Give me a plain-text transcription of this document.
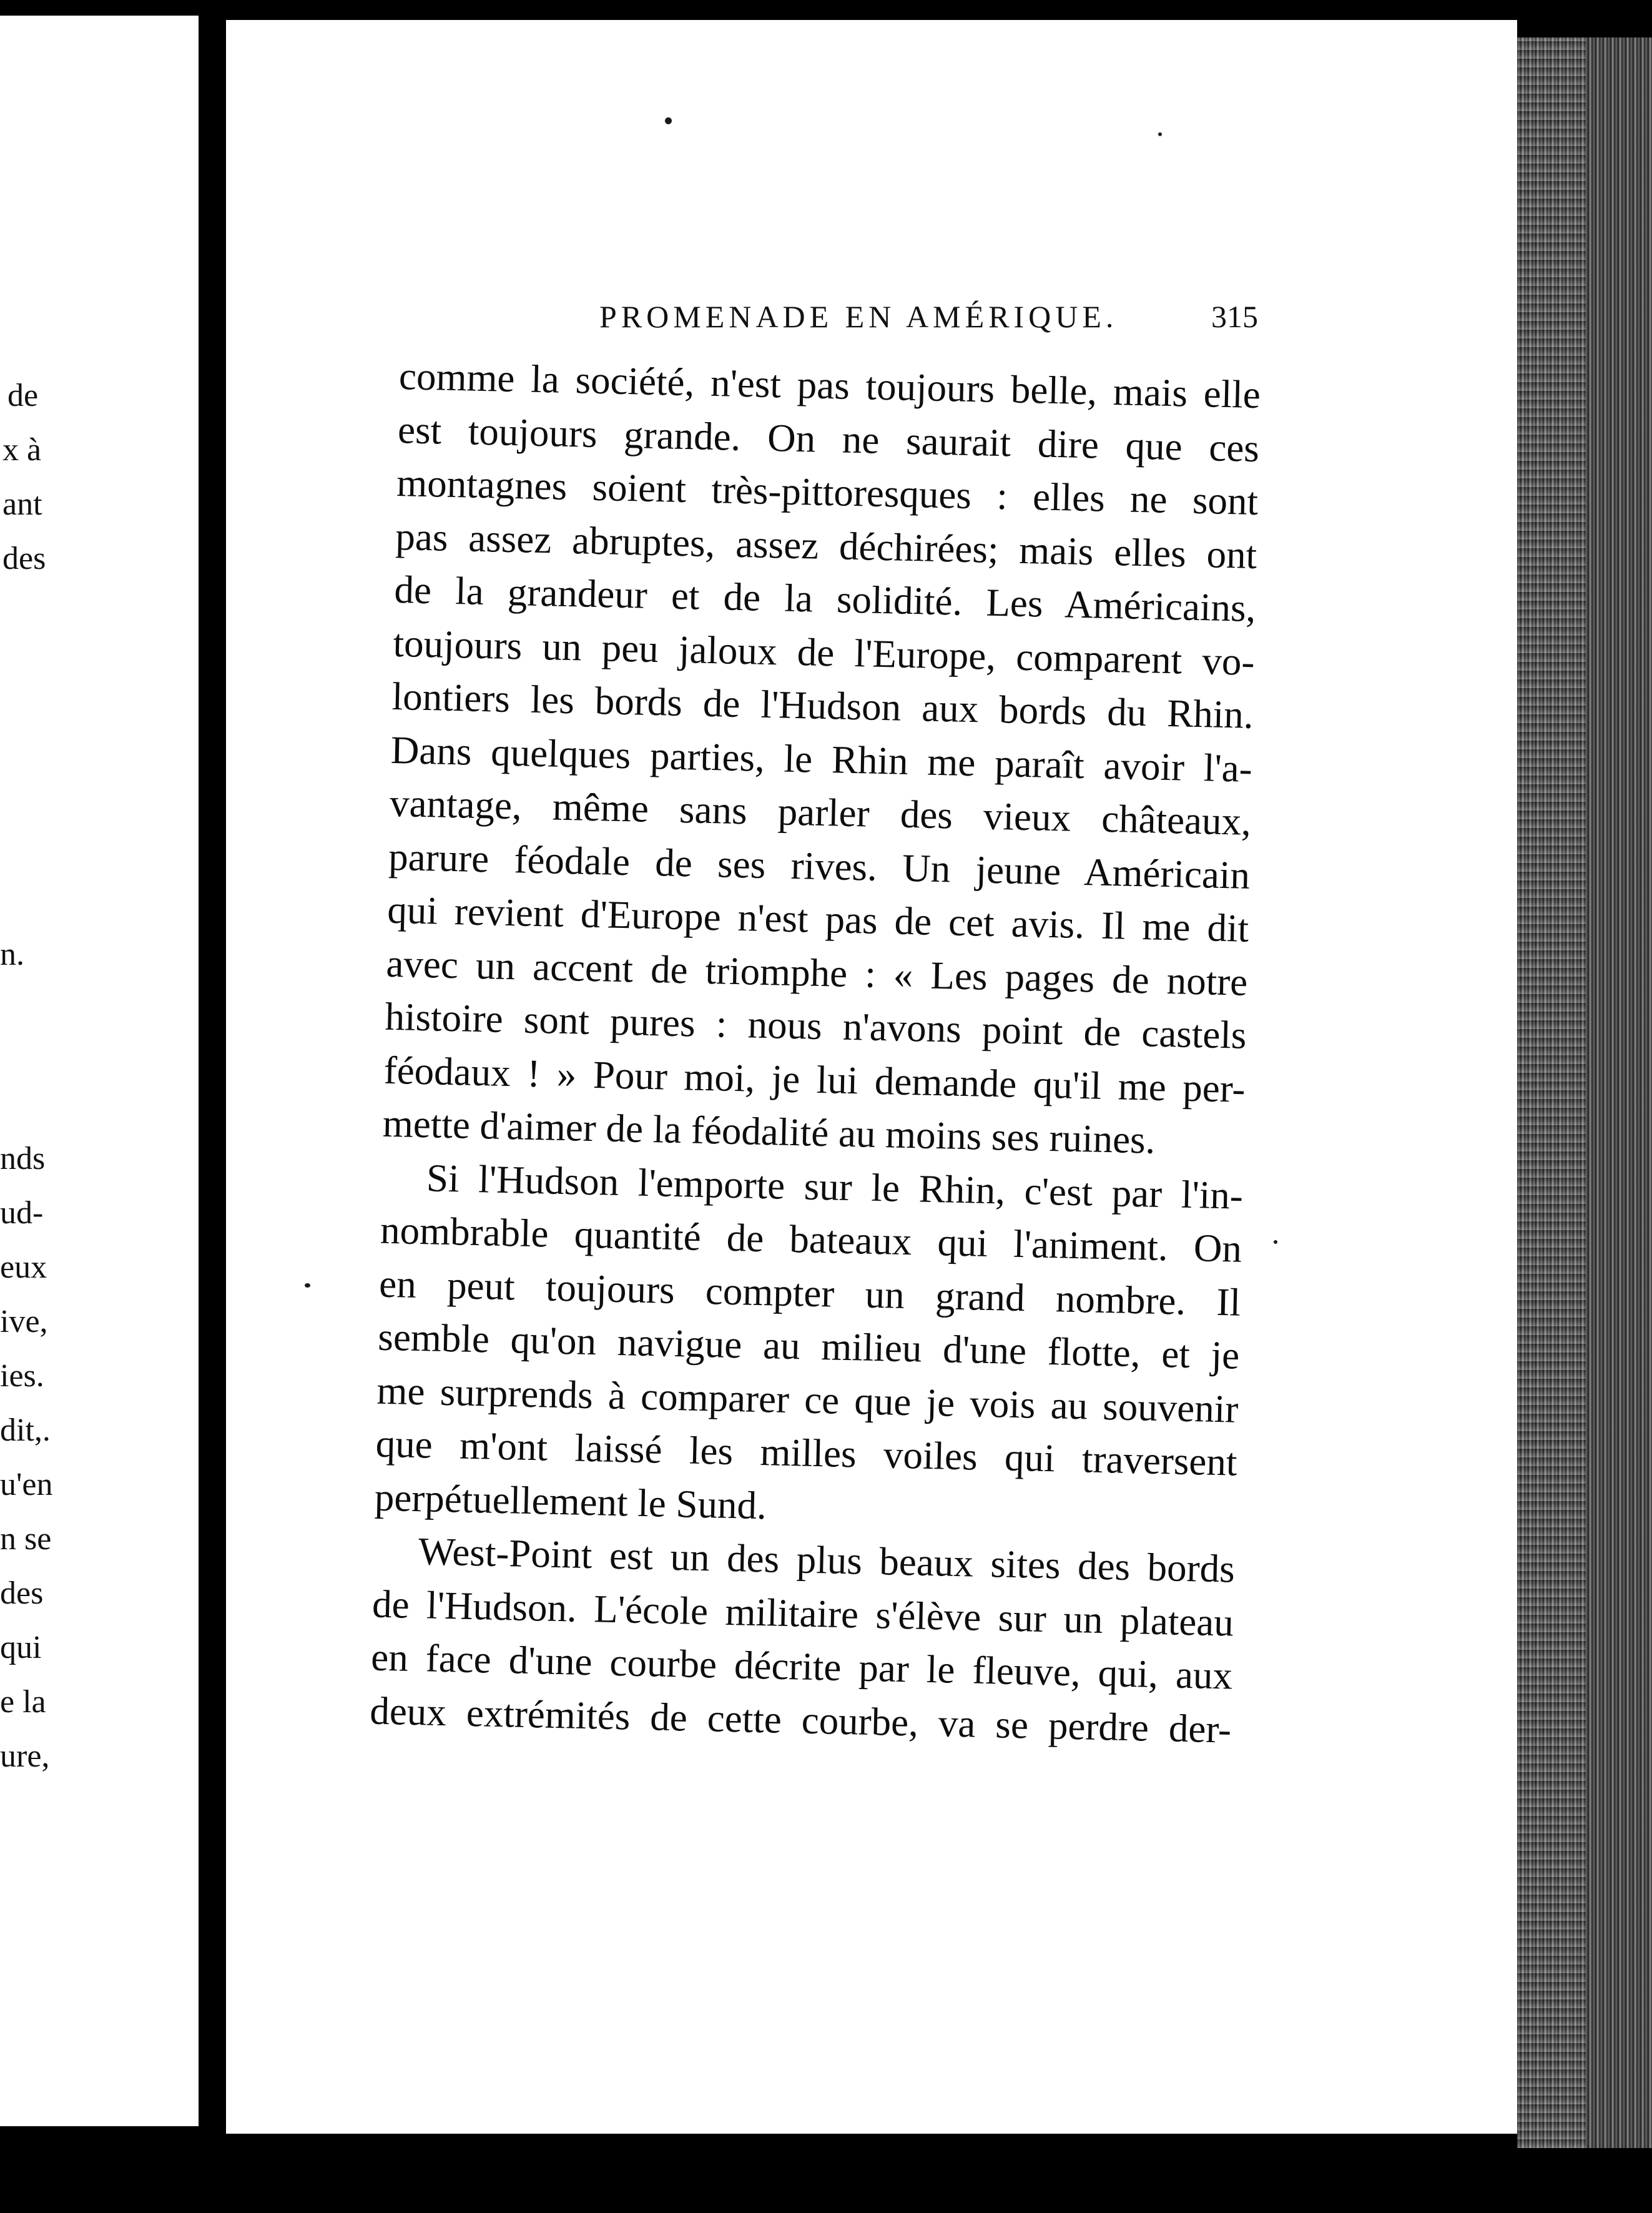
de
x à
ant
des
n.
nds
ud-
eux
ive,
ies.
dit,.
u'en
n se
des
qui
e la
ure,
PROMENADE EN AMÉRIQUE.	315
comme la société, n'est pas toujours belle, mais elle
est toujours grande. On ne saurait dire que ces
montagnes soient très-pittoresques : elles ne sont
pas assez abruptes, assez déchirées; mais elles ont
de la grandeur et de la solidité. Les Américains,
toujours un peu jaloux de l'Europe, comparent vo-
lontiers les bords de l'Hudson aux bords du Rhin.
Dans quelques parties, le Rhin me paraît avoir l'a-
vantage, même sans parler des vieux châteaux,
parure féodale de ses rives. Un jeune Américain
qui revient d'Europe n'est pas de cet avis. Il me dit
avec un accent de triomphe : « Les pages de notre
histoire sont pures : nous n'avons point de castels
féodaux ! » Pour moi, je lui demande qu'il me per-
mette d'aimer de la féodalité au moins ses ruines.
Si l'Hudson l'emporte sur le Rhin, c'est par l'in-
nombrable quantité de bateaux qui l'animent. On
en peut toujours compter un grand nombre. Il
semble qu'on navigue au milieu d'une flotte, et je
me surprends à comparer ce que je vois au souvenir
que m'ont laissé les milles voiles qui traversent
perpétuellement le Sund.
West-Point est un des plus beaux sites des bords
de l'Hudson. L'école militaire s'élève sur un plateau
en face d'une courbe décrite par le fleuve, qui, aux
deux extrémités de cette courbe, va se perdre der-
